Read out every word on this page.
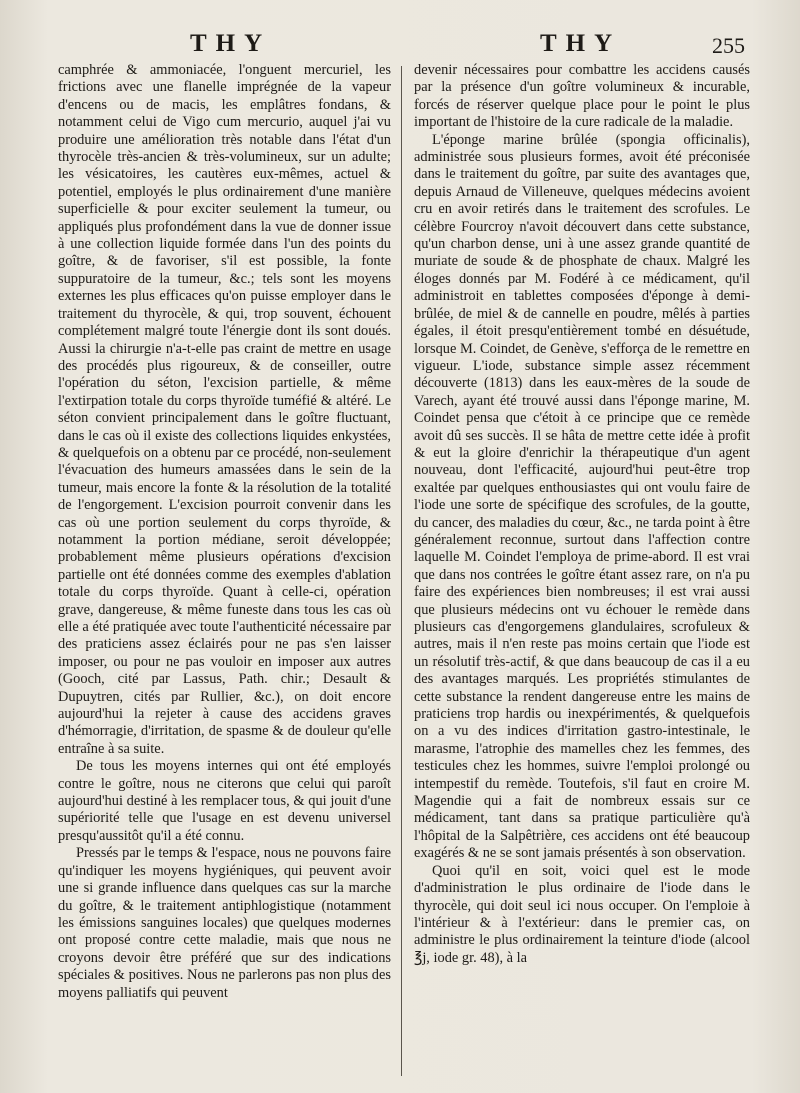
THY	THY	255

camphrée & ammoniacée, l'onguent mercuriel, les frictions avec une flanelle imprégnée de la vapeur d'encens ou de macis, les emplâtres fondans, & notamment celui de Vigo cum mercurio, auquel j'ai vu produire une amélioration très notable dans l'état d'un thyrocèle très-ancien & très-volumineux, sur un adulte; les vésicatoires, les cautères eux-mêmes, actuel & potentiel, employés le plus ordinairement d'une manière superficielle & pour exciter seulement la tumeur, ou appliqués plus profondément dans la vue de donner issue à une collection liquide formée dans l'un des points du goître, & de favoriser, s'il est possible, la fonte suppuratoire de la tumeur, &c.; tels sont les moyens externes les plus efficaces qu'on puisse employer dans le traitement du thyrocèle, & qui, trop souvent, échouent complétement malgré toute l'énergie dont ils sont doués. Aussi la chirurgie n'a-t-elle pas craint de mettre en usage des procédés plus rigoureux, & de conseiller, outre l'opération du séton, l'excision partielle, & même l'extirpation totale du corps thyroïde tuméfié & altéré. Le séton convient principalement dans le goître fluctuant, dans le cas où il existe des collections liquides enkystées, & quelquefois on a obtenu par ce procédé, non-seulement l'évacuation des humeurs amassées dans le sein de la tumeur, mais encore la fonte & la résolution de la totalité de l'engorgement. L'excision pourroit convenir dans les cas où une portion seulement du corps thyroïde, & notamment la portion médiane, seroit développée; probablement même plusieurs opérations d'excision partielle ont été données comme des exemples d'ablation totale du corps thyroïde. Quant à celle-ci, opération grave, dangereuse, & même funeste dans tous les cas où elle a été pratiquée avec toute l'authenticité nécessaire par des praticiens assez éclairés pour ne pas s'en laisser imposer, ou pour ne pas vouloir en imposer aux autres (Gooch, cité par Lassus, Path. chir.; Desault & Dupuytren, cités par Rullier, &c.), on doit encore aujourd'hui la rejeter à cause des accidens graves d'hémorragie, d'irritation, de spasme & de douleur qu'elle entraîne à sa suite.

De tous les moyens internes qui ont été employés contre le goître, nous ne citerons que celui qui paroît aujourd'hui destiné à les remplacer tous, & qui jouit d'une supériorité telle que l'usage en est devenu universel presqu'aussitôt qu'il a été connu.

Pressés par le temps & l'espace, nous ne pouvons faire qu'indiquer les moyens hygiéniques, qui peuvent avoir une si grande influence dans quelques cas sur la marche du goître, & le traitement antiphlogistique (notamment les émissions sanguines locales) que quelques modernes ont proposé contre cette maladie, mais que nous ne croyons devoir être préféré que sur des indications spéciales & positives. Nous ne parlerons pas non plus des moyens palliatifs qui peuvent

devenir nécessaires pour combattre les accidens causés par la présence d'un goître volumineux & incurable, forcés de réserver quelque place pour le point le plus important de l'histoire de la cure radicale de la maladie.

L'éponge marine brûlée (spongia officinalis), administrée sous plusieurs formes, avoit été préconisée dans le traitement du goître, par suite des avantages que, depuis Arnaud de Villeneuve, quelques médecins avoient cru en avoir retirés dans le traitement des scrofules. Le célèbre Fourcroy n'avoit découvert dans cette substance, qu'un charbon dense, uni à une assez grande quantité de muriate de soude & de phosphate de chaux. Malgré les éloges donnés par M. Fodéré à ce médicament, qu'il administroit en tablettes composées d'éponge à demi-brûlée, de miel & de cannelle en poudre, mêlés à parties égales, il étoit presqu'entièrement tombé en désuétude, lorsque M. Coindet, de Genève, s'efforça de le remettre en vigueur. L'iode, substance simple assez récemment découverte (1813) dans les eaux-mères de la soude de Varech, ayant été trouvé aussi dans l'éponge marine, M. Coindet pensa que c'étoit à ce principe que ce remède avoit dû ses succès. Il se hâta de mettre cette idée à profit & eut la gloire d'enrichir la thérapeutique d'un agent nouveau, dont l'efficacité, aujourd'hui peut-être trop exaltée par quelques enthousiastes qui ont voulu faire de l'iode une sorte de spécifique des scrofules, de la goutte, du cancer, des maladies du cœur, &c., ne tarda point à être généralement reconnue, surtout dans l'affection contre laquelle M. Coindet l'employa de prime-abord. Il est vrai que dans nos contrées le goître étant assez rare, on n'a pu faire des expériences bien nombreuses; il est vrai aussi que plusieurs médecins ont vu échouer le remède dans plusieurs cas d'engorgemens glandulaires, scrofuleux & autres, mais il n'en reste pas moins certain que l'iode est un résolutif très-actif, & que dans beaucoup de cas il a eu des avantages marqués. Les propriétés stimulantes de cette substance la rendent dangereuse entre les mains de praticiens trop hardis ou inexpérimentés, & quelquefois on a vu des indices d'irritation gastro-intestinale, le marasme, l'atrophie des mamelles chez les femmes, des testicules chez les hommes, suivre l'emploi prolongé ou intempestif du remède. Toutefois, s'il faut en croire M. Magendie qui a fait de nombreux essais sur ce médicament, tant dans sa pratique particulière qu'à l'hôpital de la Salpêtrière, ces accidens ont été beaucoup exagérés & ne se sont jamais présentés à son observation.

Quoi qu'il en soit, voici quel est le mode d'administration le plus ordinaire de l'iode dans le thyrocèle, qui doit seul ici nous occuper. On l'emploie à l'intérieur & à l'extérieur: dans le premier cas, on administre le plus ordinairement la teinture d'iode (alcool ℥j, iode gr. 48), à la
